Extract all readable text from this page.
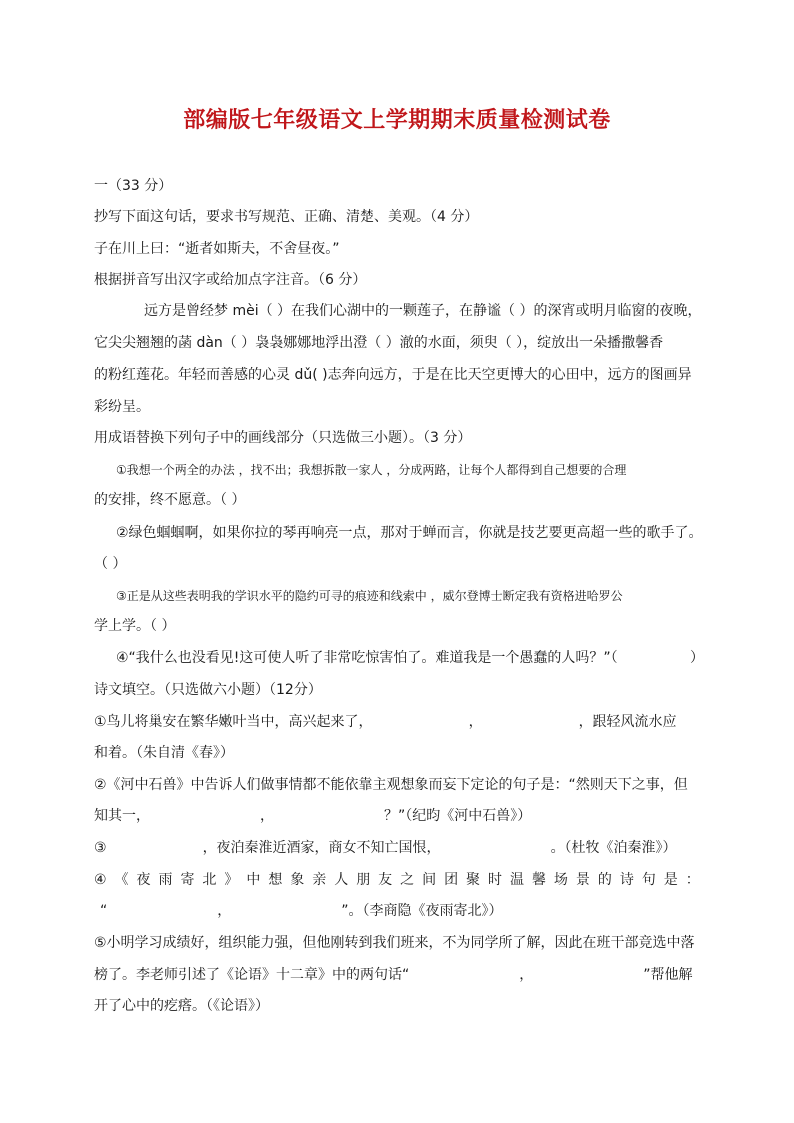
部编版七年级语文上学期期末质量检测试卷
一（33 分）
抄写下面这句话，要求书写规范、正确、清楚、美观。（4 分）
子在川上曰：“逝者如斯夫，不舍昼夜。”
根据拼音写出汉字或给加点字注音。（6 分）
远方是曾经梦 mèi（ ）在我们心湖中的一颗莲子，在静谧（ ）的深宵或明月临窗的夜晚，
它尖尖翘翘的菡 dàn（ ）袅袅娜娜地浮出澄（ ）澈的水面，须臾（ ），绽放出一朵播撒馨香
的粉红莲花。年轻而善感的心灵 dǔ( )志奔向远方，于是在比天空更博大的心田中，远方的图画异
彩纷呈。
用成语替换下列句子中的画线部分（只选做三小题）。（3 分）
①我想一个两全的办法 ，找不出；我想拆散一家人 ，分成两路，让每个人都得到自己想要的合理
的安排，终不愿意。（ ）
②绿色蝈蝈啊，如果你拉的琴再响亮一点，那对于蝉而言，你就是技艺要更高超一些的歌手了。
（ ）
③正是从这些表明我的学识水平的隐约可寻的痕迹和线索中 ，威尔登博士断定我有资格进哈罗公
学上学。（ ）
④“我什么也没看见!这可使人听了非常吃惊害怕了。难道我是一个愚蠢的人吗？”（	）
诗文填空。（只选做六小题）（12分）
①鸟儿将巢安在繁华嫩叶当中，高兴起来了，	，	，跟轻风流水应
和着。（朱自清《春》）
②《河中石兽》中告诉人们做事情都不能依靠主观想象而妄下定论的句子是：“然则天下之事，但
知其一，	，	？”（纪昀《河中石兽》）
③	，夜泊秦淮近酒家，商女不知亡国恨，	。（杜牧《泊秦淮》）
④ 《 夜 雨 寄 北 》 中 想 象 亲 人 朋 友 之 间 团 聚 时 温 馨 场 景 的 诗 句 是 ：
“	，	”。（李商隐《夜雨寄北》）
⑤小明学习成绩好，组织能力强，但他刚转到我们班来，不为同学所了解，因此在班干部竞选中落
榜了。李老师引述了《论语》十二章》中的两句话“	，	”帮他解
开了心中的疙瘩。（《论语》）
